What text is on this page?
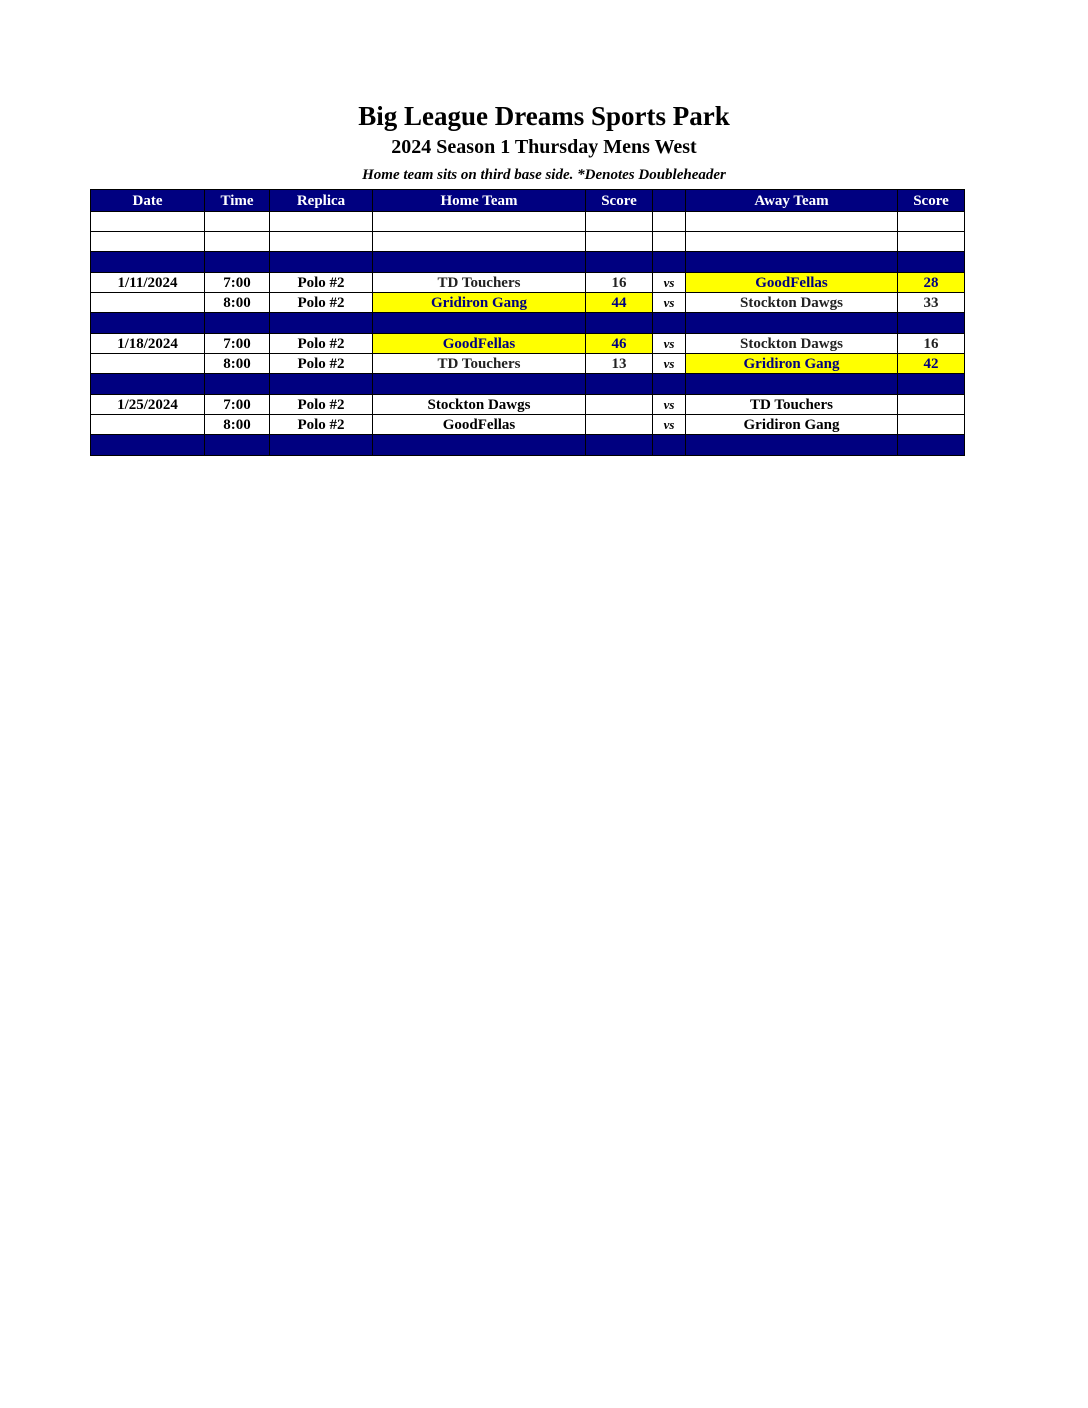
Big League Dreams Sports Park
2024 Season 1 Thursday Mens West
Home team sits on third base side. *Denotes Doubleheader
Date	Time	Replica	Home Team	Score		Away Team	Score

1/11/2024	7:00	Polo #2	TD Touchers	16	vs	GoodFellas	28
	8:00	Polo #2	Gridiron Gang	44	vs	Stockton Dawgs	33

1/18/2024	7:00	Polo #2	GoodFellas	46	vs	Stockton Dawgs	16
	8:00	Polo #2	TD Touchers	13	vs	Gridiron Gang	42

1/25/2024	7:00	Polo #2	Stockton Dawgs		vs	TD Touchers	
	8:00	Polo #2	GoodFellas		vs	Gridiron Gang	
